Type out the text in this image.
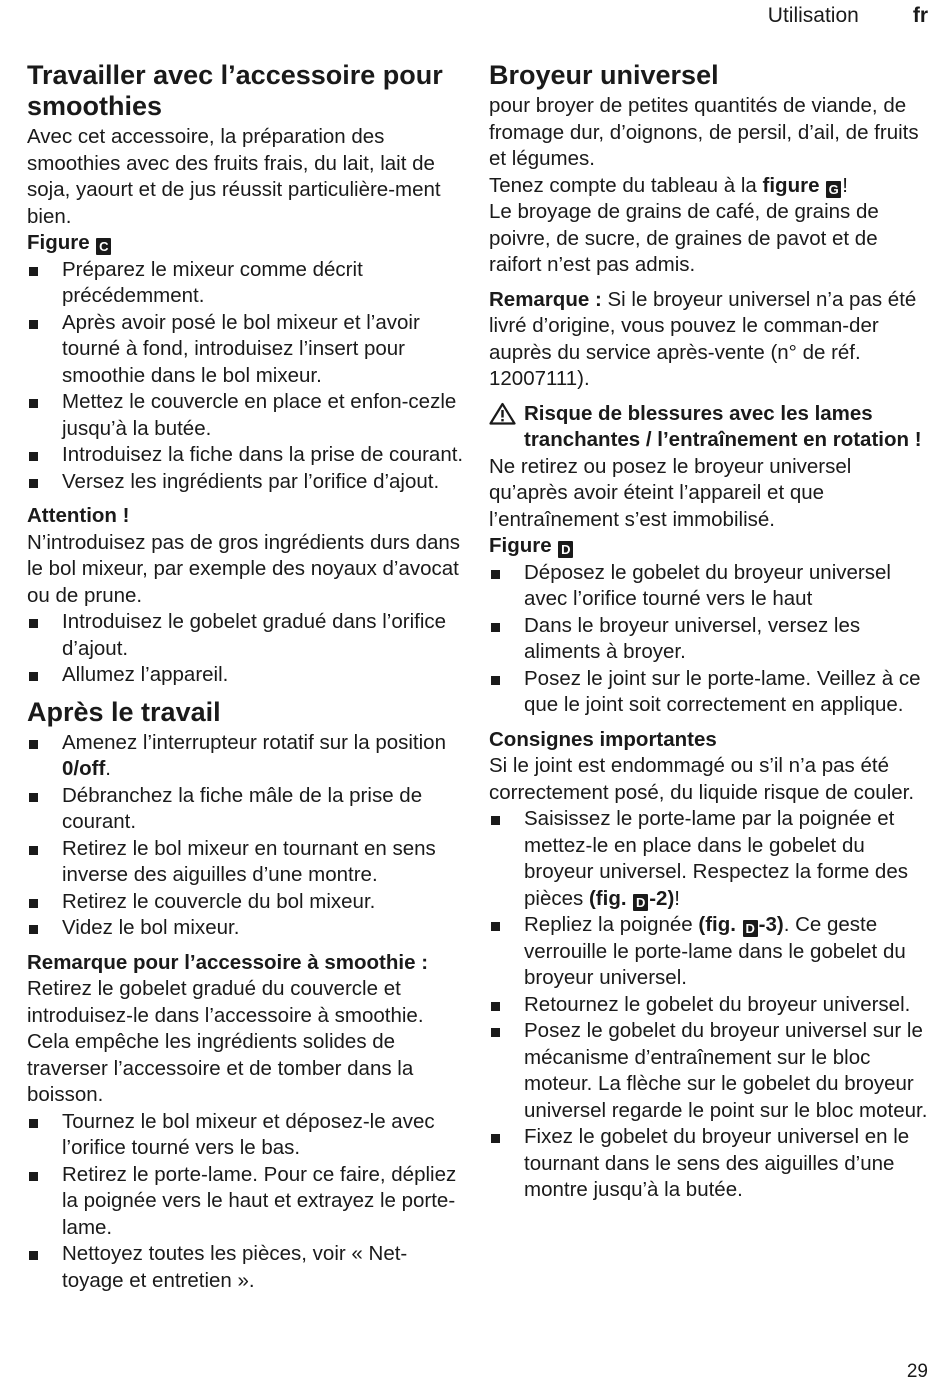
Utilisation	fr
Travailler avec l’accessoire pour smoothies

Avec cet accessoire, la préparation des smoothies avec des fruits frais, du lait, lait de soja, yaourt et de jus réussit particulière-ment bien.

Figure C

Préparez le mixeur comme décrit précédemment.
Après avoir posé le bol mixeur et l’avoir tourné à fond, introduisez l’insert pour smoothie dans le bol mixeur.
Mettez le couvercle en place et enfon-cezle jusqu’à la butée.
Introduisez la fiche dans la prise de courant.
Versez les ingrédients par l’orifice d’ajout.

Attention !

N’introduisez pas de gros ingrédients durs dans le bol mixeur, par exemple des noyaux d’avocat ou de prune.

Introduisez le gobelet gradué dans l’orifice d’ajout.
Allumez l’appareil.
Après le travail
Amenez l’interrupteur rotatif sur la position 0/off.
Débranchez la fiche mâle de la prise de courant.
Retirez le bol mixeur en tournant en sens inverse des aiguilles d’une montre.
Retirez le couvercle du bol mixeur.
Videz le bol mixeur.

Remarque pour l’accessoire à smoothie :

Retirez le gobelet gradué du couvercle et introduisez-le dans l’accessoire à smoothie. Cela empêche les ingrédients solides de traverser l’accessoire et de tomber dans la boisson.

Tournez le bol mixeur et déposez-le avec l’orifice tourné vers le bas.
Retirez le porte-lame. Pour ce faire, dépliez la poignée vers le haut et extrayez le porte-lame.
Nettoyez toutes les pièces, voir « Net-toyage et entretien ».
Broyeur universel

pour broyer de petites quantités de viande, de fromage dur, d’oignons, de persil, d’ail, de fruits et légumes.

Tenez compte du tableau à la figure G !

Le broyage de grains de café, de grains de poivre, de sucre, de graines de pavot et de raifort n’est pas admis.

Remarque : Si le broyeur universel n’a pas été livré d’origine, vous pouvez le comman-der auprès du service après-vente (n° de réf. 12007111).

Risque de blessures avec les lames tranchantes / l’entraînement en rotation !

Ne retirez ou posez le broyeur universel qu’après avoir éteint l’appareil et que l’entraînement s’est immobilisé.

Figure D

Déposez le gobelet du broyeur universel avec l’orifice tourné vers le haut
Dans le broyeur universel, versez les aliments à broyer.
Posez le joint sur le porte-lame. Veillez à ce que le joint soit correctement en applique.

Consignes importantes

Si le joint est endommagé ou s’il n’a pas été correctement posé, du liquide risque de couler.

Saisissez le porte-lame par la poignée et mettez-le en place dans le gobelet du broyeur universel. Respectez la forme des pièces (fig. D -2)!
Repliez la poignée (fig. D -3). Ce geste verrouille le porte-lame dans le gobelet du broyeur universel.
Retournez le gobelet du broyeur universel.
Posez le gobelet du broyeur universel sur le mécanisme d’entraînement sur le bloc moteur. La flèche sur le gobelet du broyeur universel regarde le point sur le bloc moteur.
Fixez le gobelet du broyeur universel en le tournant dans le sens des aiguilles d’une montre jusqu’à la butée.
29
